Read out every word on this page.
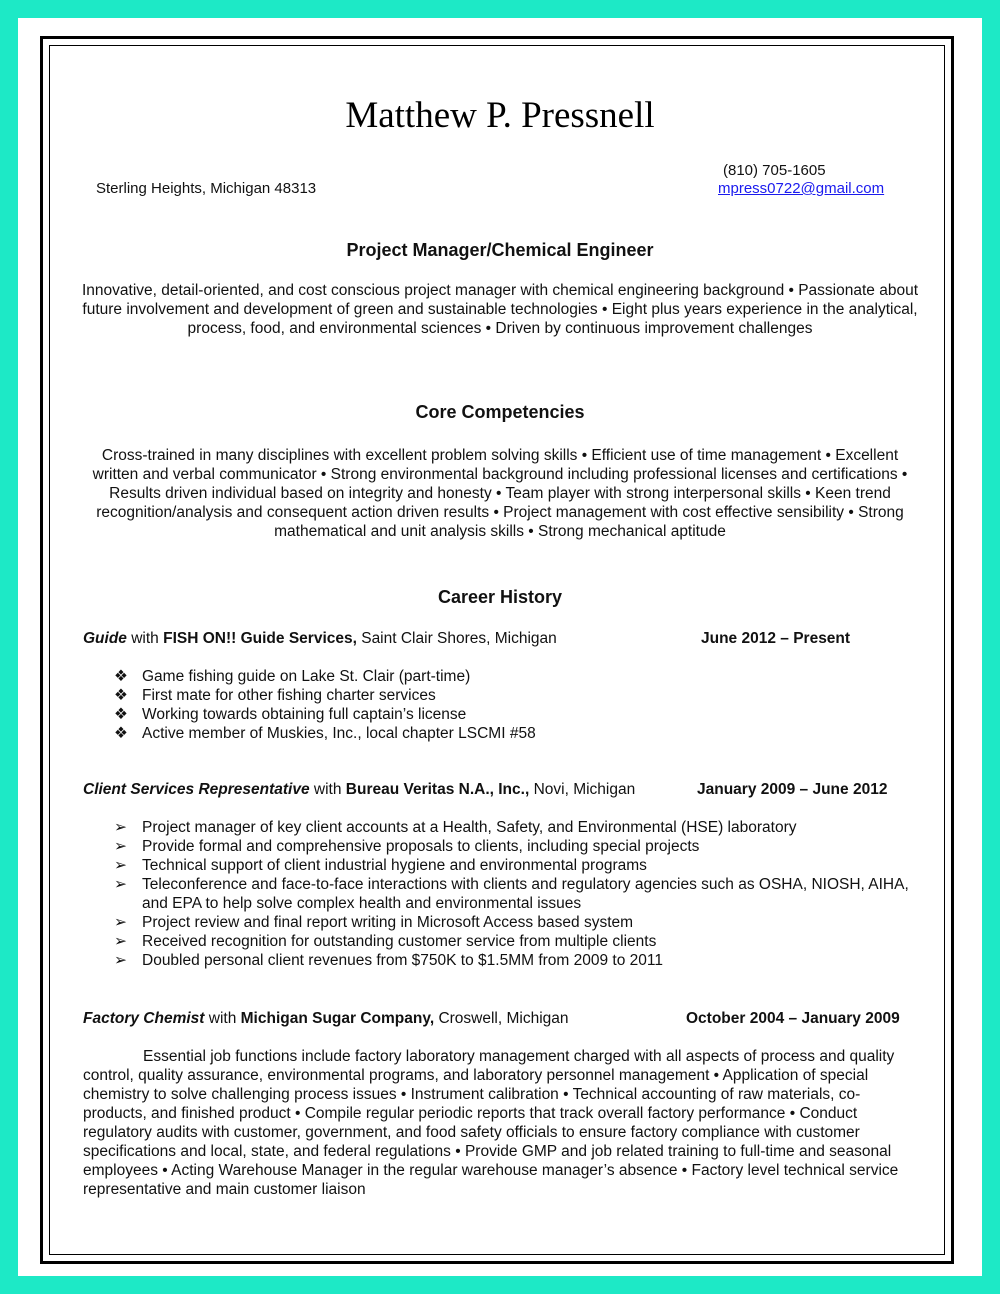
Matthew P. Pressnell
(810) 705-1605
Sterling Heights, Michigan 48313	mpress0722@gmail.com
Project Manager/Chemical Engineer
Innovative, detail-oriented, and cost conscious project manager with chemical engineering background • Passionate about future involvement and development of green and sustainable technologies • Eight plus years experience in the analytical, process, food, and environmental sciences • Driven by continuous improvement challenges
Core Competencies
Cross-trained in many disciplines with excellent problem solving skills • Efficient use of time management • Excellent written and verbal communicator • Strong environmental background including professional licenses and certifications • Results driven individual based on integrity and honesty • Team player with strong interpersonal skills • Keen trend recognition/analysis and consequent action driven results • Project management with cost effective sensibility • Strong mathematical and unit analysis skills • Strong mechanical aptitude
Career History
Guide with FISH ON!! Guide Services, Saint Clair Shores, Michigan	June 2012 – Present
❖ Game fishing guide on Lake St. Clair (part-time)
❖ First mate for other fishing charter services
❖ Working towards obtaining full captain’s license
❖ Active member of Muskies, Inc., local chapter LSCMI #58
Client Services Representative with Bureau Veritas N.A., Inc., Novi, Michigan	January 2009 – June 2012
➢ Project manager of key client accounts at a Health, Safety, and Environmental (HSE) laboratory
➢ Provide formal and comprehensive proposals to clients, including special projects
➢ Technical support of client industrial hygiene and environmental programs
➢ Teleconference and face-to-face interactions with clients and regulatory agencies such as OSHA, NIOSH, AIHA, and EPA to help solve complex health and environmental issues
➢ Project review and final report writing in Microsoft Access based system
➢ Received recognition for outstanding customer service from multiple clients
➢ Doubled personal client revenues from $750K to $1.5MM from 2009 to 2011
Factory Chemist with Michigan Sugar Company, Croswell, Michigan	October 2004 – January 2009
Essential job functions include factory laboratory management charged with all aspects of process and quality control, quality assurance, environmental programs, and laboratory personnel management • Application of special chemistry to solve challenging process issues • Instrument calibration • Technical accounting of raw materials, co-products, and finished product • Compile regular periodic reports that track overall factory performance • Conduct regulatory audits with customer, government, and food safety officials to ensure factory compliance with customer specifications and local, state, and federal regulations • Provide GMP and job related training to full-time and seasonal employees • Acting Warehouse Manager in the regular warehouse manager’s absence • Factory level technical service representative and main customer liaison
